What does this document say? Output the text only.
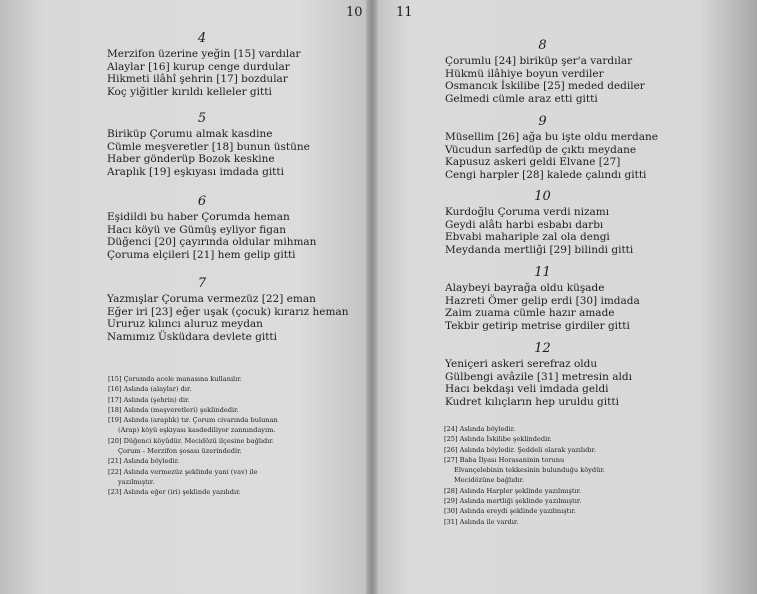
10

4

Merzifon üzerine yeğin [15] vardılar
Alaylar [16] kurup cenge durdular
Hikmeti ilâhî şehrin [17] bozdular
Koç yiğitler kırıldı kelleler gitti

5

Biriküp Çorumu almak kasdine
Cümle meşveretler [18] bunun üstüne
Haber gönderüp Bozok keskine
Araplık [19] eşkıyası imdada gitti

6

Eşidildi bu haber Çorumda heman
Hacı köyü ve Gümüş eyliyor figan
Düğenci [20] çayırında oldular mihman
Çoruma elçileri [21] hem gelip gitti

7

Yazmışlar Çoruma vermezüz [22] eman
Eğer iri [23] eğer uşak (çocuk) kırarız heman
Ururuz kılıncı aluruz meydan
Namımız Üsküdara devlete gitti
[15] Çorumda acele manasına kullanılır.
[16] Aslında (alaylar) dır.
[17] Aslında (şehrin) dir.
[18] Aslında (meşveretleri) şeklindedir.
[19] Aslında (araplık) tır. Çorum civarında bulunan (Arap) köyü eşkıyası kasdediliyor zannındayım.
[20] Düğenci köyüdür. Mecidözü ilçesine bağlıdır. Çorum - Merzifon şosası üzerindedir.
[21] Aslında böyledir.
[22] Aslında vermezüz şeklinde yani (vav) ile yazılmıştır.
[23] Aslında eğer (iri) şeklinde yazılıdır.
11

8

Çorumlu [24] biriküp şer'a vardılar
Hükmü ilâhiye boyun verdiler
Osmancık İskilibe [25] meded dediler
Gelmedi cümle araz etti gitti

9

Müsellim [26] ağa bu işte oldu merdane
Vücudun sarfedüp de çıktı meydane
Kapusuz askeri geldi Elvane [27]
Cengi harpler [28] kalede çalındı gitti

10

Kurdoğlu Çoruma verdi nizamı
Geydi alâtı harbi esbabı darbı
Ebvabi mahariple zal ola dengi
Meydanda mertliği [29] bilindi gitti

11

Alaybeyi bayrağa oldu küşade
Hazreti Ömer gelip erdi [30] imdada
Zaim zuama cümle hazır amade
Tekbir getirip metrise girdiler gitti

12

Yeniçeri askeri serefraz oldu
Gülbengi avâzile [31] metresin aldı
Hacı bekdaşı veli imdada geldi
Kudret kılıçların hep uruldu gitti
[24] Aslında böyledir.
[25] Aslında İskilibe şeklindedir.
[26] Aslında böyledir. Şeddeli olarak yazılıdır.
[27] Baba İlyası Horasaninin torunu Elvançelebinin tekkesinin bulunduğu köydür. Mecidözüne bağlıdır.
[28] Aslında Harpler şeklinde yazılmıştır.
[29] Aslında mertliği şeklinde yazılmıştır.
[30] Aslında ereydi şeklinde yazılmıştır.
[31] Aslında ile vardır.
